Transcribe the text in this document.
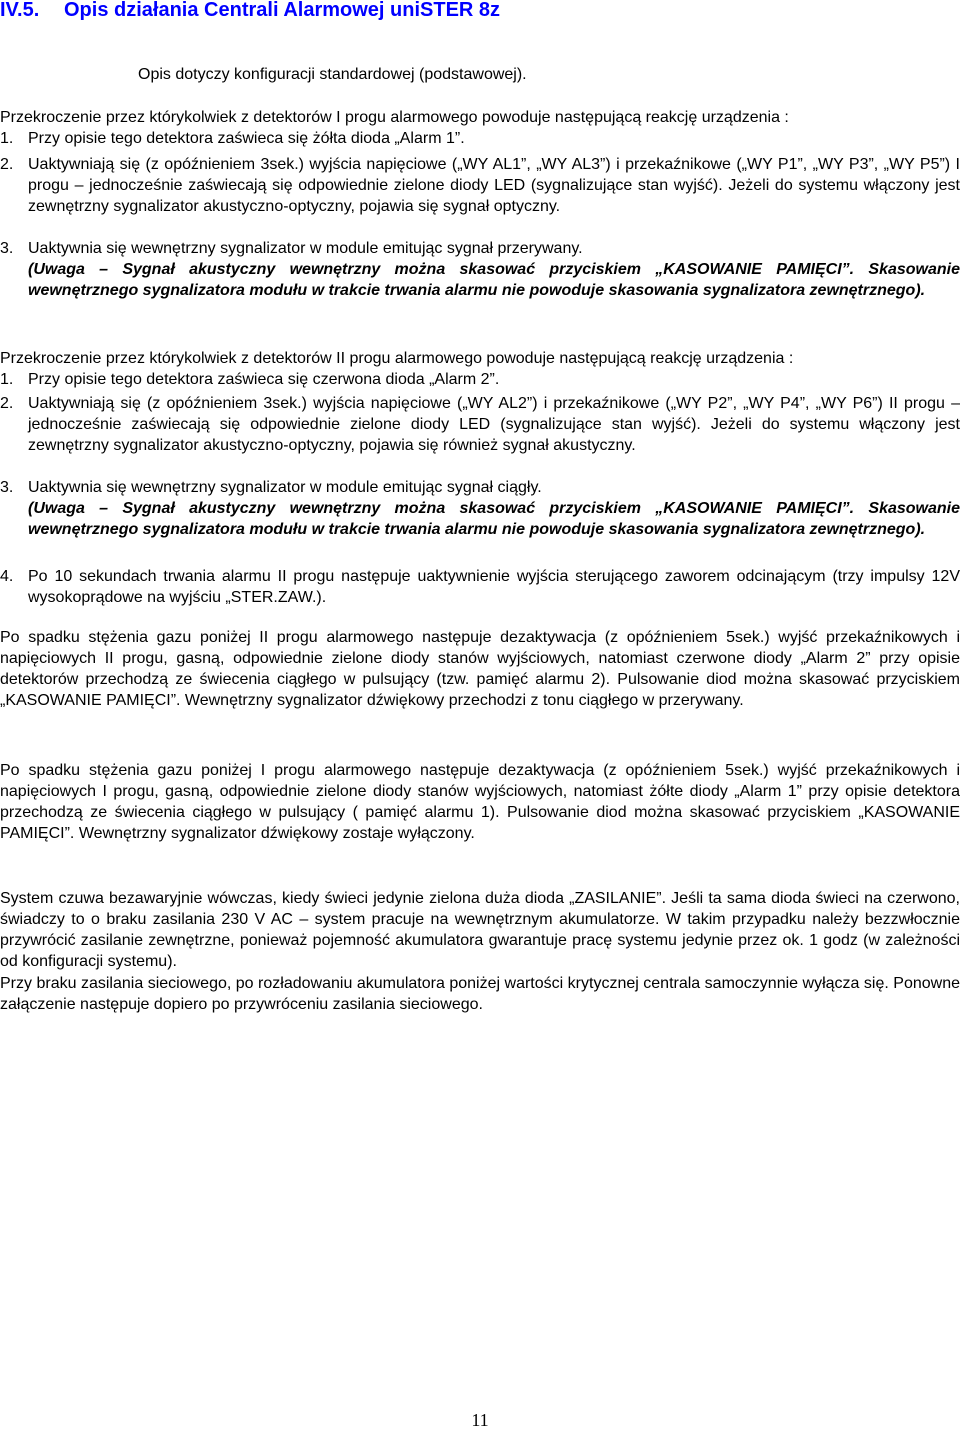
IV.5. Opis działania Centrali Alarmowej uniSTER 8z
Opis dotyczy konfiguracji standardowej (podstawowej).
Przekroczenie przez którykolwiek z detektorów I progu alarmowego powoduje następującą reakcję urządzenia :
1. Przy opisie tego detektora zaświeca się żółta dioda „Alarm 1”.
2. Uaktywniają się (z opóźnieniem 3sek.) wyjścia napięciowe („WY AL1”, „WY AL3”) i przekaźnikowe („WY P1”, „WY P3”, „WY P5”) I progu – jednocześnie zaświecają się odpowiednie zielone diody LED (sygnalizujące stan wyjść). Jeżeli do systemu włączony jest zewnętrzny sygnalizator akustyczno-optyczny, pojawia się sygnał optyczny.
3. Uaktywnia się wewnętrzny sygnalizator w module emitując sygnał przerywany.
(Uwaga – Sygnał akustyczny wewnętrzny można skasować przyciskiem „KASOWANIE PAMIĘCI”. Skasowanie wewnętrznego sygnalizatora modułu w trakcie trwania alarmu nie powoduje skasowania sygnalizatora zewnętrznego).
Przekroczenie przez którykolwiek z detektorów II progu alarmowego powoduje następującą reakcję urządzenia :
1. Przy opisie tego detektora zaświeca się czerwona dioda „Alarm 2”.
2. Uaktywniają się (z opóźnieniem 3sek.) wyjścia napięciowe („WY AL2”) i przekaźnikowe („WY P2”, „WY P4”, „WY P6”) II progu – jednocześnie zaświecają się odpowiednie zielone diody LED (sygnalizujące stan wyjść). Jeżeli do systemu włączony jest zewnętrzny sygnalizator akustyczno-optyczny, pojawia się również sygnał akustyczny.
3. Uaktywnia się wewnętrzny sygnalizator w module emitując sygnał ciągły.
(Uwaga – Sygnał akustyczny wewnętrzny można skasować przyciskiem „KASOWANIE PAMIĘCI”. Skasowanie wewnętrznego sygnalizatora modułu w trakcie trwania alarmu nie powoduje skasowania sygnalizatora zewnętrznego).
4. Po 10 sekundach trwania alarmu II progu następuje uaktywnienie wyjścia sterującego zaworem odcinającym (trzy impulsy 12V wysokoprądowe na wyjściu „STER.ZAW.).
Po spadku stężenia gazu poniżej II progu alarmowego następuje dezaktywacja (z opóźnieniem 5sek.) wyjść przekaźnikowych i napięciowych II progu, gasną, odpowiednie zielone diody stanów wyjściowych, natomiast czerwone diody „Alarm 2” przy opisie detektorów przechodzą ze świecenia ciągłego w pulsujący (tzw. pamięć alarmu 2). Pulsowanie diod można skasować przyciskiem „KASOWANIE PAMIĘCI”. Wewnętrzny sygnalizator dźwiękowy przechodzi z tonu ciągłego w przerywany.
Po spadku stężenia gazu poniżej I progu alarmowego następuje dezaktywacja (z opóźnieniem 5sek.) wyjść przekaźnikowych i napięciowych I progu, gasną, odpowiednie zielone diody stanów wyjściowych, natomiast żółte diody „Alarm 1” przy opisie detektora przechodzą ze świecenia ciągłego w pulsujący ( pamięć alarmu 1). Pulsowanie diod można skasować przyciskiem „KASOWANIE PAMIĘCI”. Wewnętrzny sygnalizator dźwiękowy zostaje wyłączony.
System czuwa bezawaryjnie wówczas, kiedy świeci jedynie zielona duża dioda „ZASILANIE”. Jeśli ta sama dioda świeci na czerwono, świadczy to o braku zasilania 230 V AC – system pracuje na wewnętrznym akumulatorze. W takim przypadku należy bezzwłocznie przywrócić zasilanie zewnętrzne, ponieważ pojemność akumulatora gwarantuje pracę systemu jedynie przez ok. 1 godz (w zależności od konfiguracji systemu).
Przy braku zasilania sieciowego, po rozładowaniu akumulatora poniżej wartości krytycznej centrala samoczynnie wyłącza się. Ponowne załączenie następuje dopiero po przywróceniu zasilania sieciowego.
11
